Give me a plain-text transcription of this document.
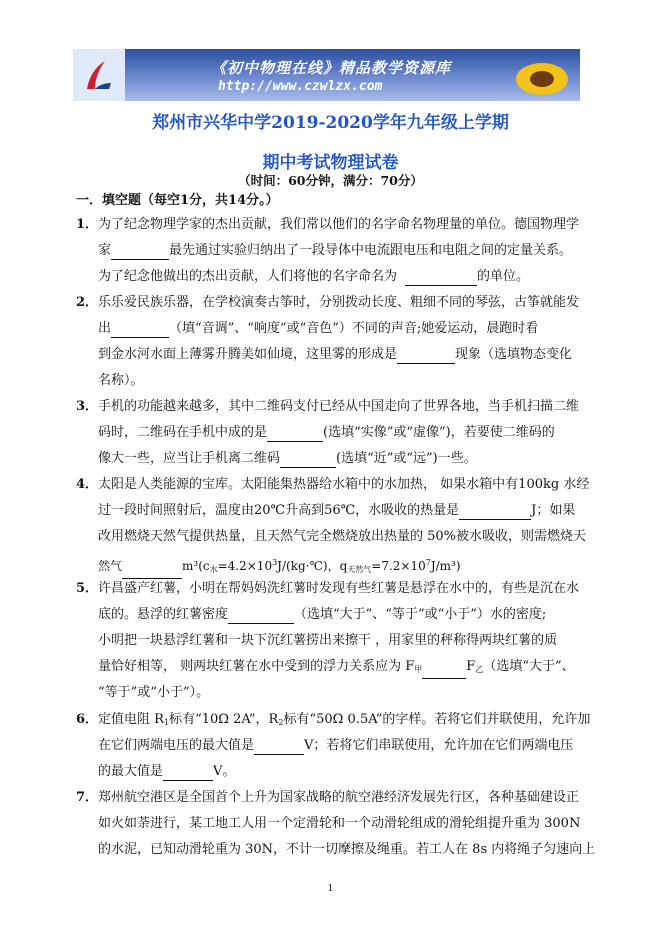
《初中物理在线》精品教学资源库
http://www.czwlzx.com
郑州市兴华中学2019-2020学年九年级上学期
期中考试物理试卷
（时间：60分钟，满分：70分）
一．填空题（每空1分，共14分。）
1．为了纪念物理学家的杰出贡献，我们常以他们的名字命名物理量的单位。德国物理学
家	最先通过实验归纳出了一段导体中电流跟电压和电阻之间的定量关系。
为了纪念他做出的杰出贡献，人们将他的名字命名为	的单位。
2．乐乐爱民族乐器，在学校演奏古筝时，分别拨动长度、粗细不同的琴弦，古筝就能发
出	（填“音调”、“响度”或“音色”）不同的声音;她爱运动，晨跑时看
到金水河水面上薄雾升腾美如仙境，这里雾的形成是	现象（选填物态变化
名称）。
3．手机的功能越来越多，其中二维码支付已经从中国走向了世界各地，当手机扫描二维
码时，二维码在手机中成的是	(选填“实像”或“虚像”)，若要使二维码的
像大一些，应当让手机离二维码	(选填“近”或“远”)一些。
4．太阳是人类能源的宝库。太阳能集热器给水箱中的水加热， 如果水箱中有100kg 水经
过一段时间照射后，温度由20℃升高到56℃，水吸收的热量是	J；如果
改用燃烧天然气提供热量，且天然气完全燃烧放出热量的 50%被水吸收，则需燃烧天
然气	$m^3(c_水=4.2\times 10^3J/(kg\cdot℃)$，$q_{天然气}=7.2\times 10^7J/m^3$)
5．许昌盛产红薯，小明在帮妈妈洗红薯时发现有些红薯是悬浮在水中的，有些是沉在水
底的。悬浮的红薯密度	（选填“大于”、“等于”或“小于”）水的密度;
小明把一块悬浮红薯和一块下沉红薯捞出来擦干 ，用家里的秤称得两块红薯的质
量恰好相等， 则两块红薯在水中受到的浮力关系应为 $F_甲$	$F_乙$（选填“大于”、
“等于”或“小于”）。
6．定值电阻 $R_1$标有“10Ω 2A”，$R_2$标有“50Ω 0.5A”的字样。若将它们并联使用，允许加
在它们两端电压的最大值是	V；若将它们串联使用，允许加在它们两端电压
的最大值是	V。
7．郑州航空港区是全国首个上升为国家战略的航空港经济发展先行区，各种基础建设正
如火如荼进行，某工地工人用一个定滑轮和一个动滑轮组成的滑轮组提升重为 300N
的水泥，已知动滑轮重为 30N，不计一切摩擦及绳重。若工人在 8s 内将绳子匀速向上
1
